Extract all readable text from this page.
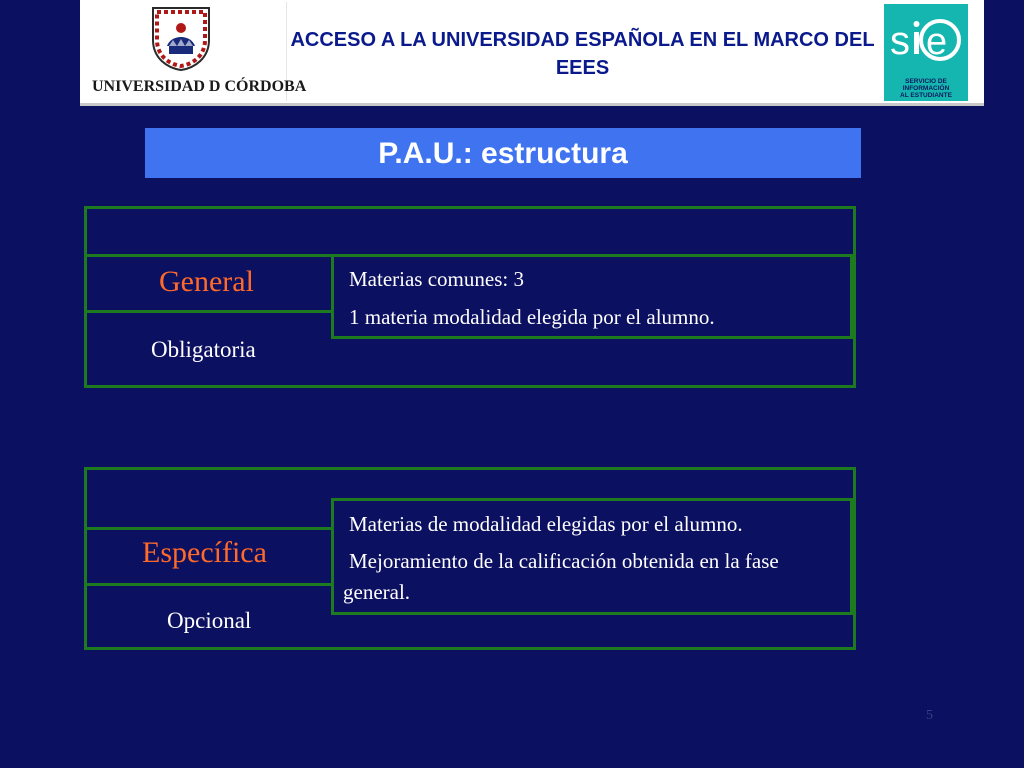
UNIVERSIDAD D CÓRDOBA
ACCESO A LA UNIVERSIDAD ESPAÑOLA EN EL MARCO DEL EEES
s e
SERVICIO DE
INFORMACIÓN
AL ESTUDIANTE
P.A.U.: estructura
General
Obligatoria
Materias comunes: 3
1 materia modalidad elegida por el alumno.
Específica
Opcional
Materias de modalidad elegidas por el alumno.
Mejoramiento de la calificación obtenida en la fase general.
5
